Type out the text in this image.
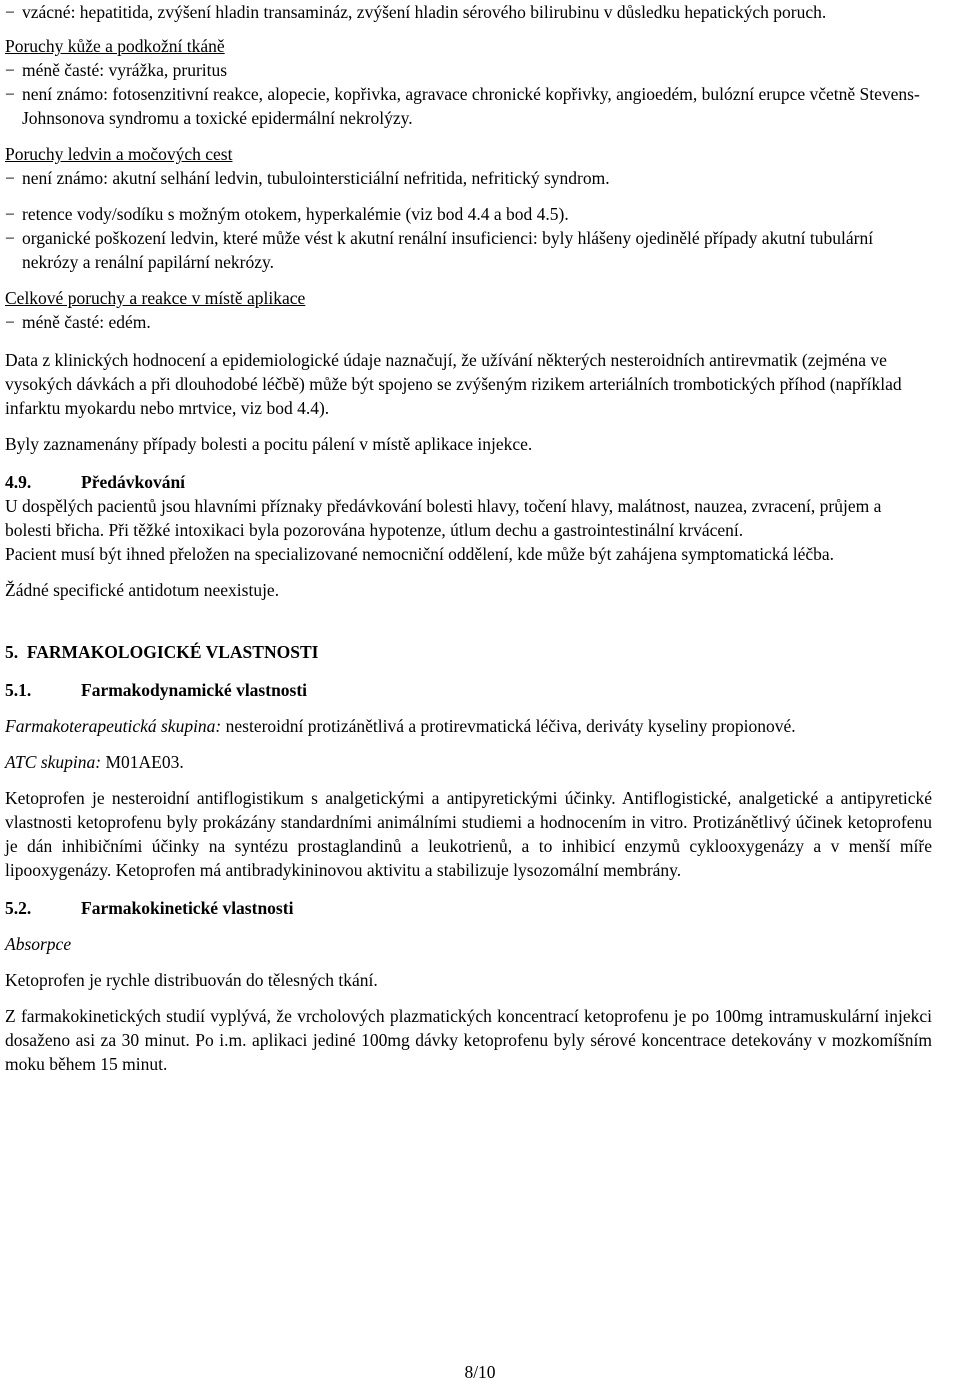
− vzácné: hepatitida, zvýšení hladin transamináz, zvýšení hladin sérového bilirubinu v důsledku hepatických poruch.

Poruchy kůže a podkožní tkáně

− méně časté: vyrážka, pruritus

− není známo: fotosenzitivní reakce, alopecie, kopřivka, agravace chronické kopřivky, angioedém, bulózní erupce včetně Stevens-Johnsonova syndromu a toxické epidermální nekrolýzy.

Poruchy ledvin a močových cest

− není známo: akutní selhání ledvin, tubulointersticiální nefritida, nefritický syndrom.

− retence vody/sodíku s možným otokem, hyperkalémie (viz bod 4.4 a bod 4.5).

− organické poškození ledvin, které může vést k akutní renální insuficienci: byly hlášeny ojedinělé případy akutní tubulární nekrózy a renální papilární nekrózy.

Celkové poruchy a reakce v místě aplikace

− méně časté: edém.

Data z klinických hodnocení a epidemiologické údaje naznačují, že užívání některých nesteroidních antirevmatik (zejména ve vysokých dávkách a při dlouhodobé léčbě) může být spojeno se zvýšeným rizikem arteriálních trombotických příhod (například infarktu myokardu nebo mrtvice, viz bod 4.4).

Byly zaznamenány případy bolesti a pocitu pálení v místě aplikace injekce.

4.9.	Předávkování

U dospělých pacientů jsou hlavními příznaky předávkování bolesti hlavy, točení hlavy, malátnost, nauzea, zvracení, průjem a bolesti břicha. Při těžké intoxikaci byla pozorována hypotenze, útlum dechu a gastrointestinální krvácení.

Pacient musí být ihned přeložen na specializované nemocniční oddělení, kde může být zahájena symptomatická léčba.

Žádné specifické antidotum neexistuje.

5.  FARMAKOLOGICKÉ VLASTNOSTI

5.1.	Farmakodynamické vlastnosti

Farmakoterapeutická skupina: nesteroidní protizánětlivá a protirevmatická léčiva, deriváty kyseliny propionové.

ATC skupina: M01AE03.

Ketoprofen je nesteroidní antiflogistikum s analgetickými a antipyretickými účinky. Antiflogistické, analgetické a antipyretické vlastnosti ketoprofenu byly prokázány standardními animálními studiemi a hodnocením in vitro. Protizánětlivý účinek ketoprofenu je dán inhibičními účinky na syntézu prostaglandinů a leukotrienů, a to inhibicí enzymů cyklooxygenázy a v menší míře lipooxygenázy. Ketoprofen má antibradykininovou aktivitu a stabilizuje lysozomální membrány.

5.2.	Farmakokinetické vlastnosti

Absorpce

Ketoprofen je rychle distribuován do tělesných tkání.

Z farmakokinetických studií vyplývá, že vrcholových plazmatických koncentrací ketoprofenu je po 100mg intramuskulární injekci dosaženo asi za 30 minut. Po i.m. aplikaci jediné 100mg dávky ketoprofenu byly sérové koncentrace detekovány v mozkomíšním moku během 15 minut.

8/10
